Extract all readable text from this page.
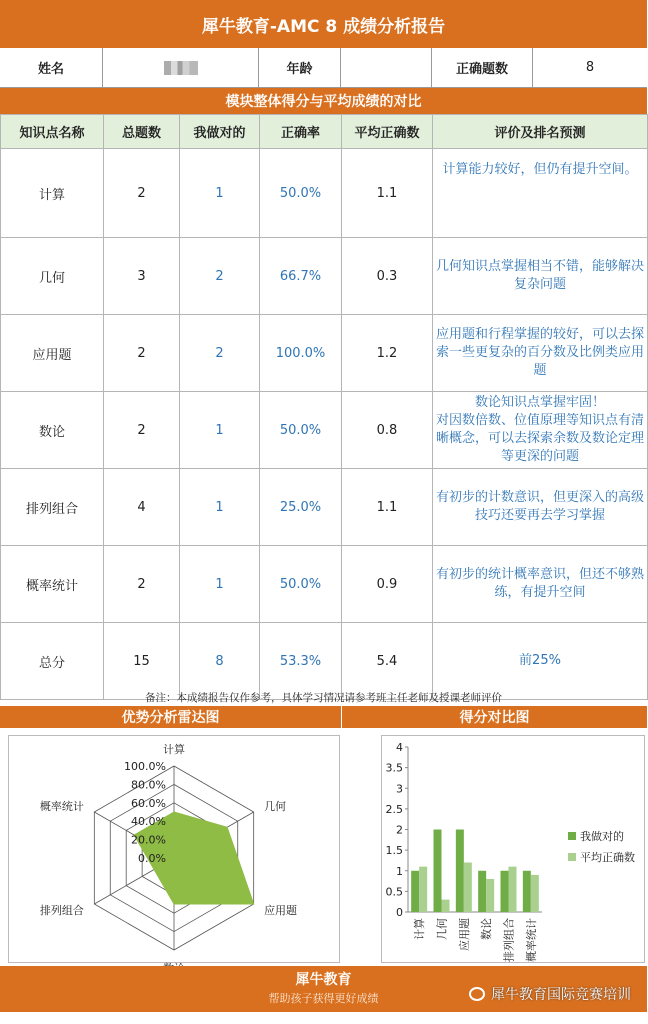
犀牛教育-AMC 8 成绩分析报告
姓名	年龄	正确题数	8
模块整体得分与平均成绩的对比
知识点名称	总题数	我做对的	正确率	平均正确数	评价及排名预测
计算	2	1	50.0%	1.1	计算能力较好，但仍有提升空间。
几何	3	2	66.7%	0.3	几何知识点掌握相当不错，能够解决复杂问题
应用题	2	2	100.0%	1.2	应用题和行程掌握的较好，可以去探索一些更复杂的百分数及比例类应用题
数论	2	1	50.0%	0.8	数论知识点掌握牢固！
对因数倍数、位值原理等知识点有清晰概念，可以去探索余数及数论定理等更深的问题

排列组合	4	1	25.0%	1.1	有初步的计数意识，但更深入的高级技巧还要再去学习掌握
概率统计	2	1	50.0%	0.9	有初步的统计概率意识，但还不够熟练，有提升空间
总分	15	8	53.3%	5.4	前25%
备注：本成绩报告仅作参考，具体学习情况请参考班主任老师及授课老师评价
优势分析雷达图	得分对比图
0.0%
20.0%
40.0%
60.0%
80.0%
100.0%
计算
几何
应用题
排列组合
概率统计
0
0.5
1
1.5
2
2.5
3
3.5
4
计算 几何 应用题 数论 排列组合 概率统计
我做对的
平均正确数
犀牛教育
帮助孩子获得更好成绩	犀牛教育国际竞赛培训
